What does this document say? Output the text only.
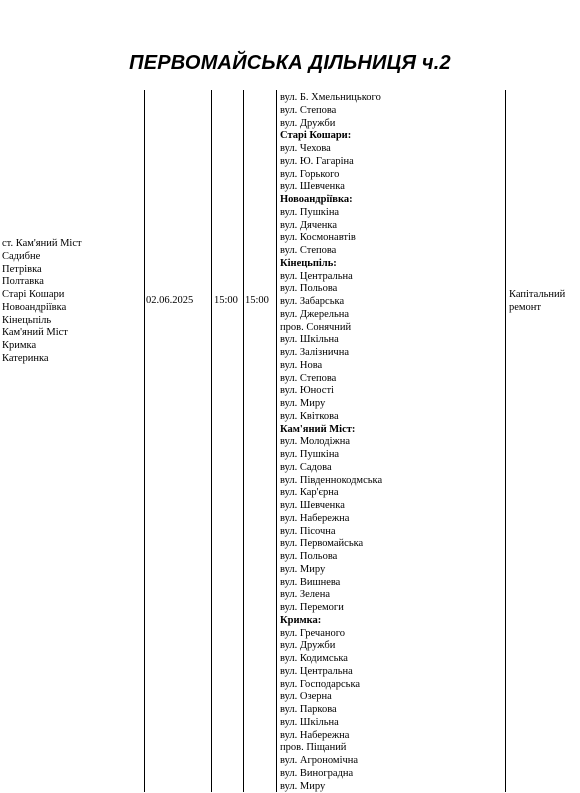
ПЕРВОМАЙСЬКА ДІЛЬНИЦЯ ч.2
ст. Кам'яний Міст
Садибне
Петрівка
Полтавка
Старі Кошари
Новоандріївка
Кінецьпіль
Кам'яний Міст
Кримка
Катеринка
02.06.2025	15:00 15:00
вул. Б. Хмельницького
вул. Степова
вул. Дружби
Старі Кошари:
вул. Чехова
вул. Ю. Гагаріна
вул. Горького
вул. Шевченка
Новоандріївка:
вул. Пушкіна
вул. Дяченка
вул. Космонавтів
вул. Степова
Кінецьпіль:
вул. Центральна
вул. Польова
вул. Забарська
вул. Джерельна
пров. Сонячний
вул. Шкільна
вул. Залізнична
вул. Нова
вул. Степова
вул. Юності
вул. Миру
вул. Квіткова
Кам'яний Міст:
вул. Молодіжна
вул. Пушкіна
вул. Садова
вул. Південнокодмська
вул. Кар'єрна
вул. Шевченка
вул. Набережна
вул. Пісочна
вул. Первомайська
вул. Польова
вул. Миру
вул. Вишнева
вул. Зелена
вул. Перемоги
Кримка:
вул. Гречаного
вул. Дружби
вул. Кодимська
вул. Центральна
вул. Господарська
вул. Озерна
вул. Паркова
вул. Шкільна
вул. Набережна
пров. Піщаний
вул. Агрономічна
вул. Виноградна
вул. Миру
Капітальний ремонт
